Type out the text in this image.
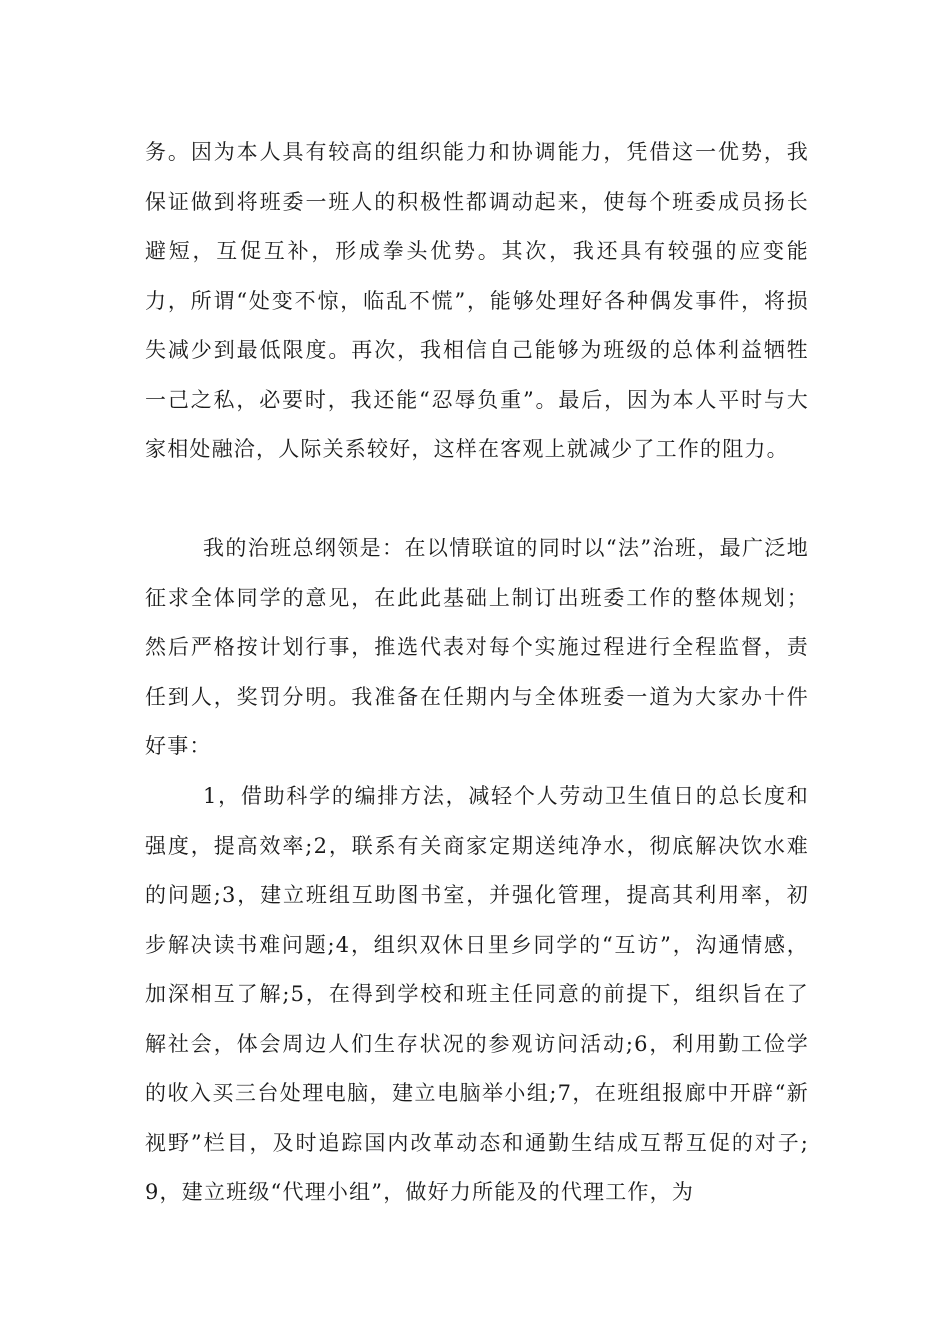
务。因为本人具有较高的组织能力和协调能力，凭借这一优势，我保证做到将班委一班人的积极性都调动起来，使每个班委成员扬长避短，互促互补，形成拳头优势。其次，我还具有较强的应变能力，所谓“处变不惊，临乱不慌”，能够处理好各种偶发事件，将损失减少到最低限度。再次，我相信自己能够为班级的总体利益牺牲一己之私，必要时，我还能“忍辱负重”。最后，因为本人平时与大家相处融洽，人际关系较好，这样在客观上就减少了工作的阻力。

我的治班总纲领是：在以情联谊的同时以“法”治班，最广泛地征求全体同学的意见，在此此基础上制订出班委工作的整体规划；然后严格按计划行事，推选代表对每个实施过程进行全程监督，责任到人，奖罚分明。我准备在任期内与全体班委一道为大家办十件好事：

1，借助科学的编排方法，减轻个人劳动卫生值日的总长度和强度，提高效率;2，联系有关商家定期送纯净水，彻底解决饮水难的问题;3，建立班组互助图书室，并强化管理，提高其利用率，初步解决读书难问题;4，组织双休日里乡同学的“互访”，沟通情感，加深相互了解;5，在得到学校和班主任同意的前提下，组织旨在了解社会，体会周边人们生存状况的参观访问活动;6，利用勤工俭学的收入买三台处理电脑，建立电脑举小组;7，在班组报廊中开辟“新视野”栏目，及时追踪国内改革动态和通勤生结成互帮互促的对子;9，建立班级“代理小组”，做好力所能及的代理工作，为
